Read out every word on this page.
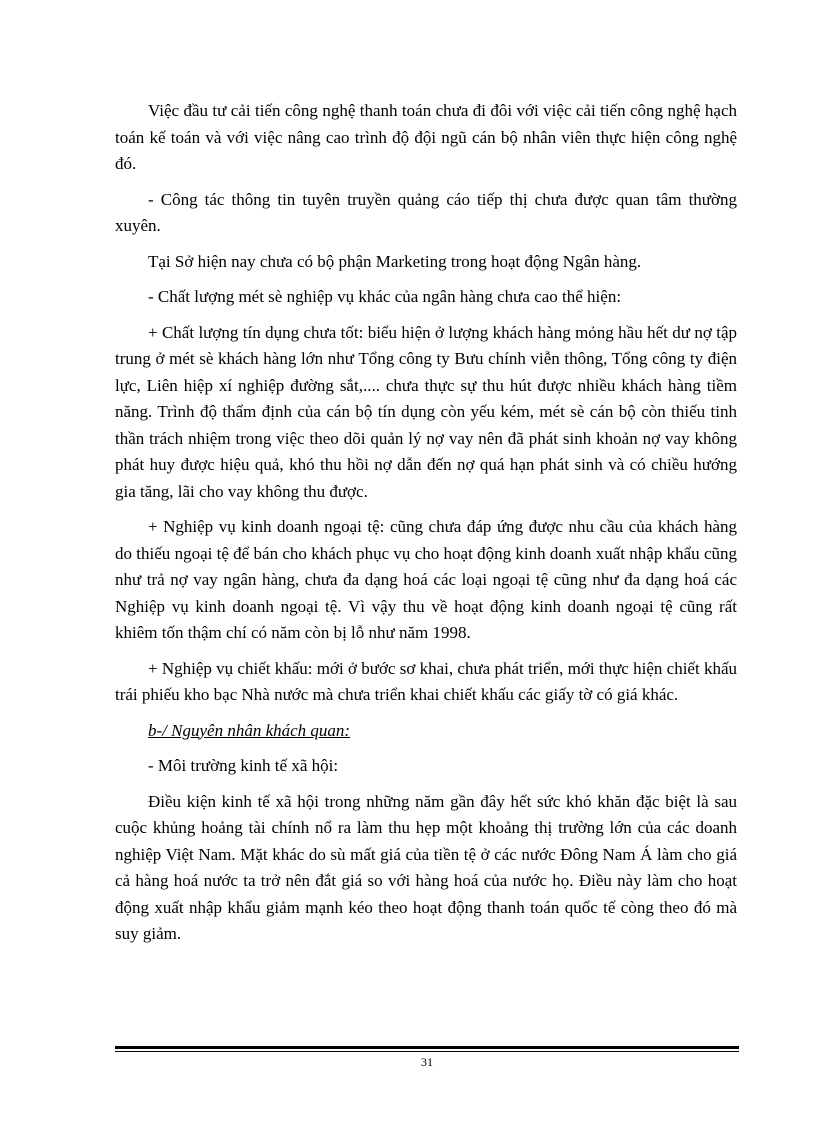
Việc đầu tư cải tiến công nghệ thanh toán chưa đi đôi với việc cải tiến công nghệ hạch toán kế toán và với việc nâng cao trình độ đội ngũ cán bộ nhân viên thực hiện công nghệ đó.

- Công tác thông tin tuyên truyền quảng cáo tiếp thị chưa được quan tâm thường xuyên.

Tại Sở hiện nay chưa có bộ phận Marketing trong hoạt động Ngân hàng.

- Chất lượng mét sè nghiệp vụ khác của ngân hàng chưa cao thể hiện:

+ Chất lượng tín dụng chưa tốt: biểu hiện ở lượng khách hàng mỏng hầu hết dư nợ tập trung ở mét sè khách hàng lớn như Tổng công ty Bưu chính viễn thông, Tổng công ty điện lực, Liên hiệp xí nghiệp đường sắt,.... chưa thực sự thu hút được nhiều khách hàng tiềm năng. Trình độ thẩm định của cán bộ tín dụng còn yếu kém, mét sè cán bộ còn thiếu tinh thần trách nhiệm trong việc theo dõi quản lý nợ vay nên đã phát sinh khoản nợ vay không phát huy được hiệu quả, khó thu hồi nợ dẫn đến nợ quá hạn phát sinh và có chiều hướng gia tăng, lãi cho vay không thu được.

+ Nghiệp vụ kinh doanh ngoại tệ: cũng chưa đáp ứng được nhu cầu của khách hàng do thiếu ngoại tệ để bán cho khách phục vụ cho hoạt động kinh doanh xuất nhập khẩu cũng như trả nợ vay ngân hàng, chưa đa dạng hoá các loại ngoại tệ cũng như đa dạng hoá các Nghiệp vụ kinh doanh ngoại tệ. Vì vậy thu về hoạt động kinh doanh ngoại tệ cũng rất khiêm tốn thậm chí có năm còn bị lỗ như năm 1998.

+ Nghiệp vụ chiết khấu: mới ở bước sơ khai, chưa phát triển, mới thực hiện chiết khấu trái phiếu kho bạc Nhà nước mà chưa triển khai chiết khấu các giấy tờ có giá khác.

b-/ Nguyên nhân khách quan:

- Môi trường kinh tế xã hội:

Điều kiện kinh tế xã hội trong những năm gần đây hết sức khó khăn đặc biệt là sau cuộc khủng hoảng tài chính nổ ra làm thu hẹp một khoảng thị trường lớn của các doanh nghiệp Việt Nam. Mặt khác do sù mất giá của tiền tệ ở các nước Đông Nam Á làm cho giá cả hàng hoá nước ta trở nên đắt giá so với hàng hoá của nước họ. Điều này làm cho hoạt động xuất nhập khẩu giảm mạnh kéo theo hoạt động thanh toán quốc tế còng theo đó mà suy giảm.

31
